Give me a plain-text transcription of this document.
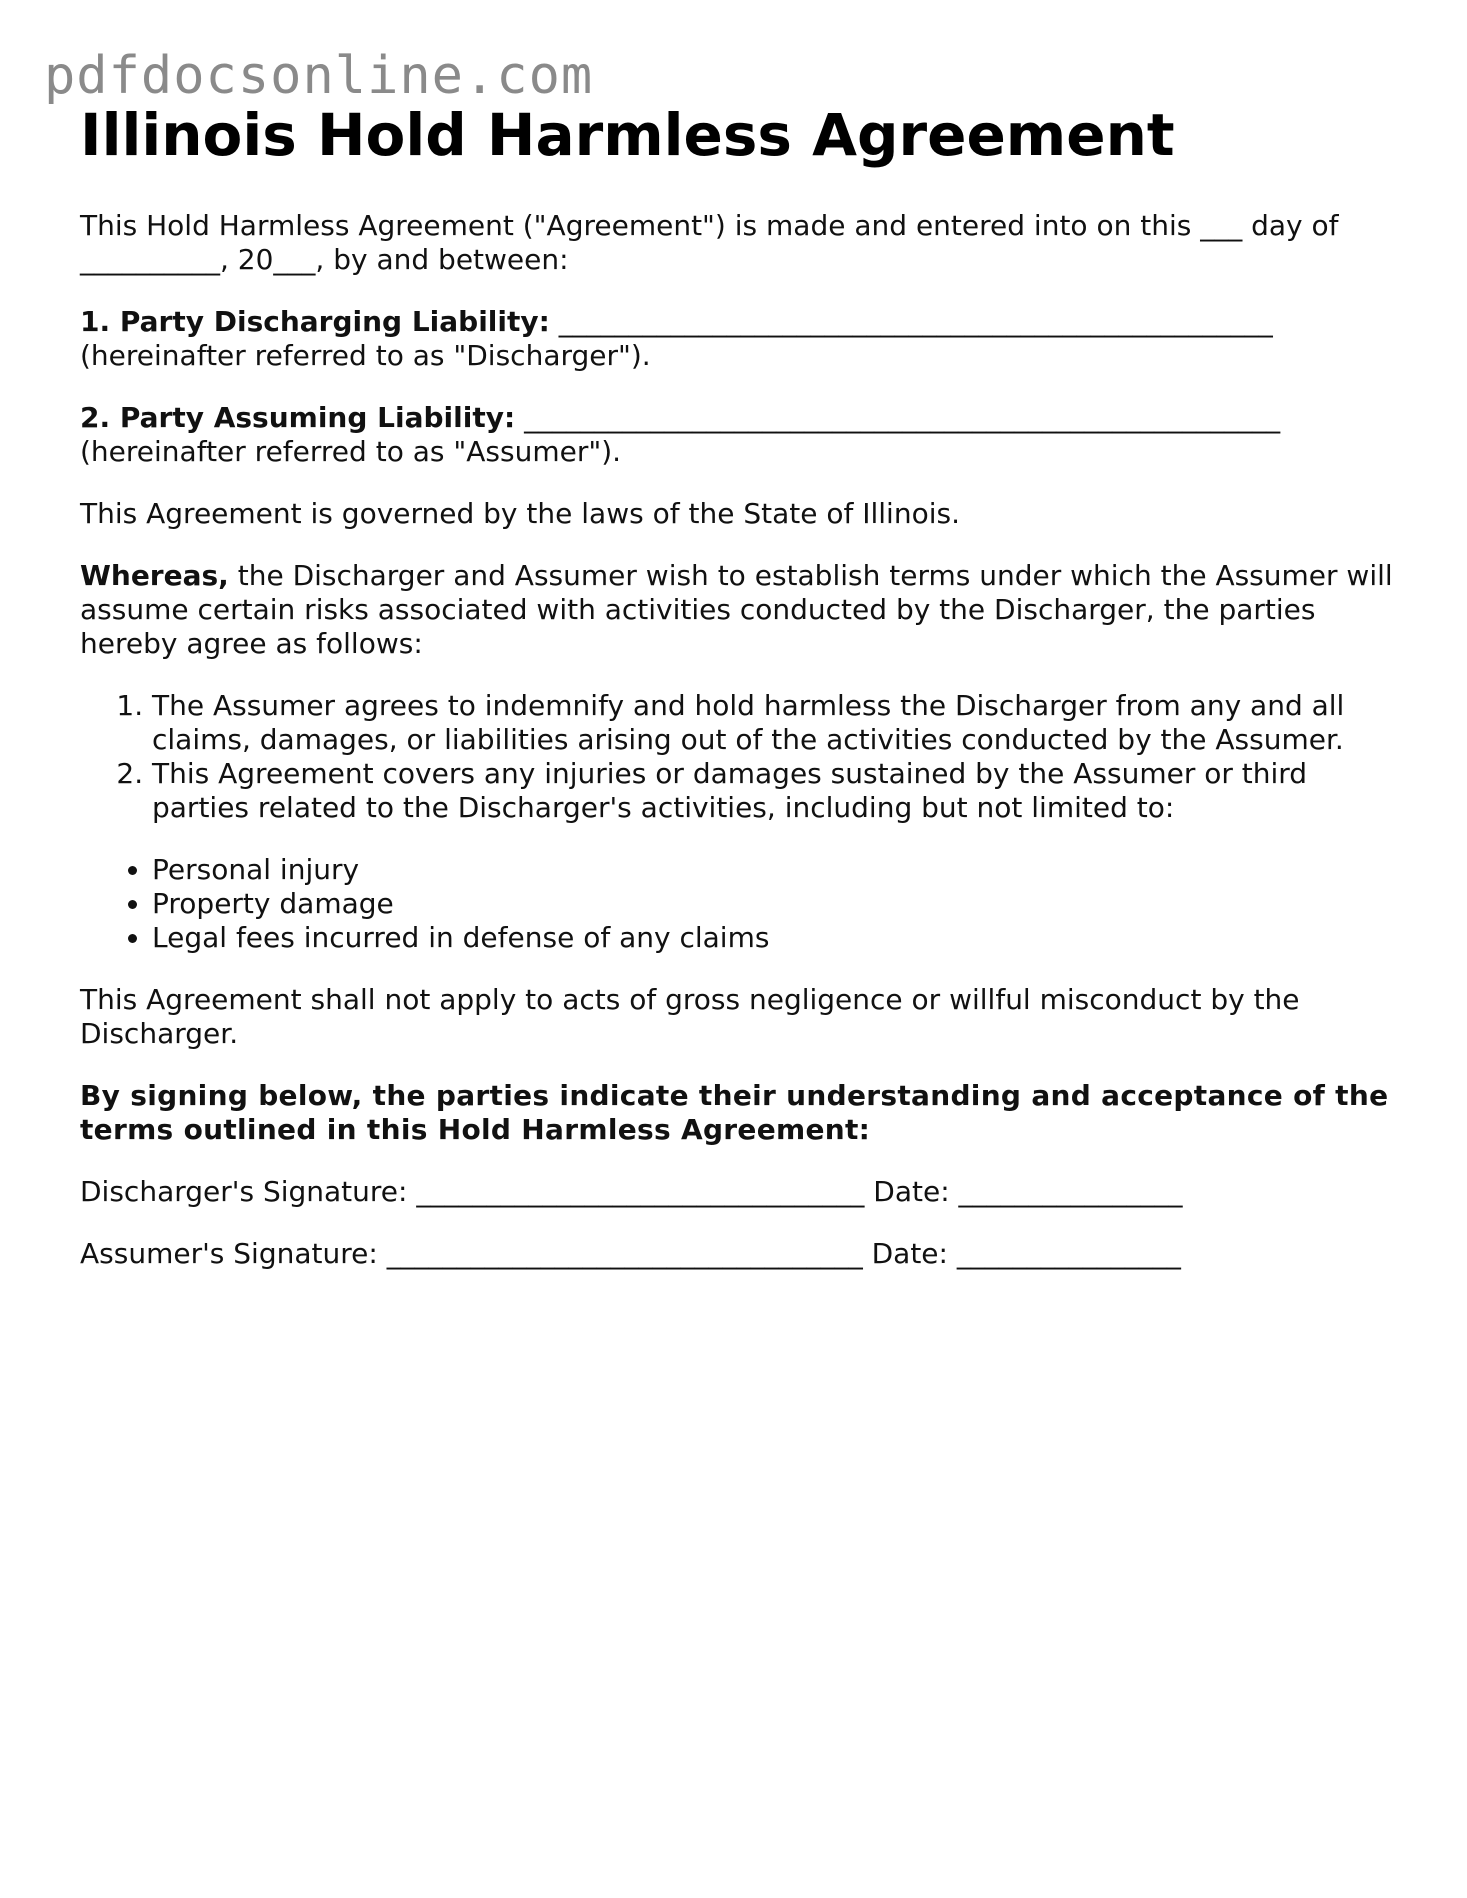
pdfdocsonline.com
Illinois Hold Harmless Agreement

This Hold Harmless Agreement ("Agreement") is made and entered into on this ___ day of
__________, 20___, by and between:

1. Party Discharging Liability: ___________________________________________________
(hereinafter referred to as "Discharger").

2. Party Assuming Liability: ______________________________________________________
(hereinafter referred to as "Assumer").

This Agreement is governed by the laws of the State of Illinois.

Whereas, the Discharger and Assumer wish to establish terms under which the Assumer will assume certain risks associated with activities conducted by the Discharger, the parties hereby agree as follows:

1. The Assumer agrees to indemnify and hold harmless the Discharger from any and all claims, damages, or liabilities arising out of the activities conducted by the Assumer.
2. This Agreement covers any injuries or damages sustained by the Assumer or third parties related to the Discharger's activities, including but not limited to:
• Personal injury
• Property damage
• Legal fees incurred in defense of any claims

This Agreement shall not apply to acts of gross negligence or willful misconduct by the Discharger.

By signing below, the parties indicate their understanding and acceptance of the terms outlined in this Hold Harmless Agreement:

Discharger's Signature: ________________________________ Date: ________________

Assumer's Signature: __________________________________ Date: ________________
